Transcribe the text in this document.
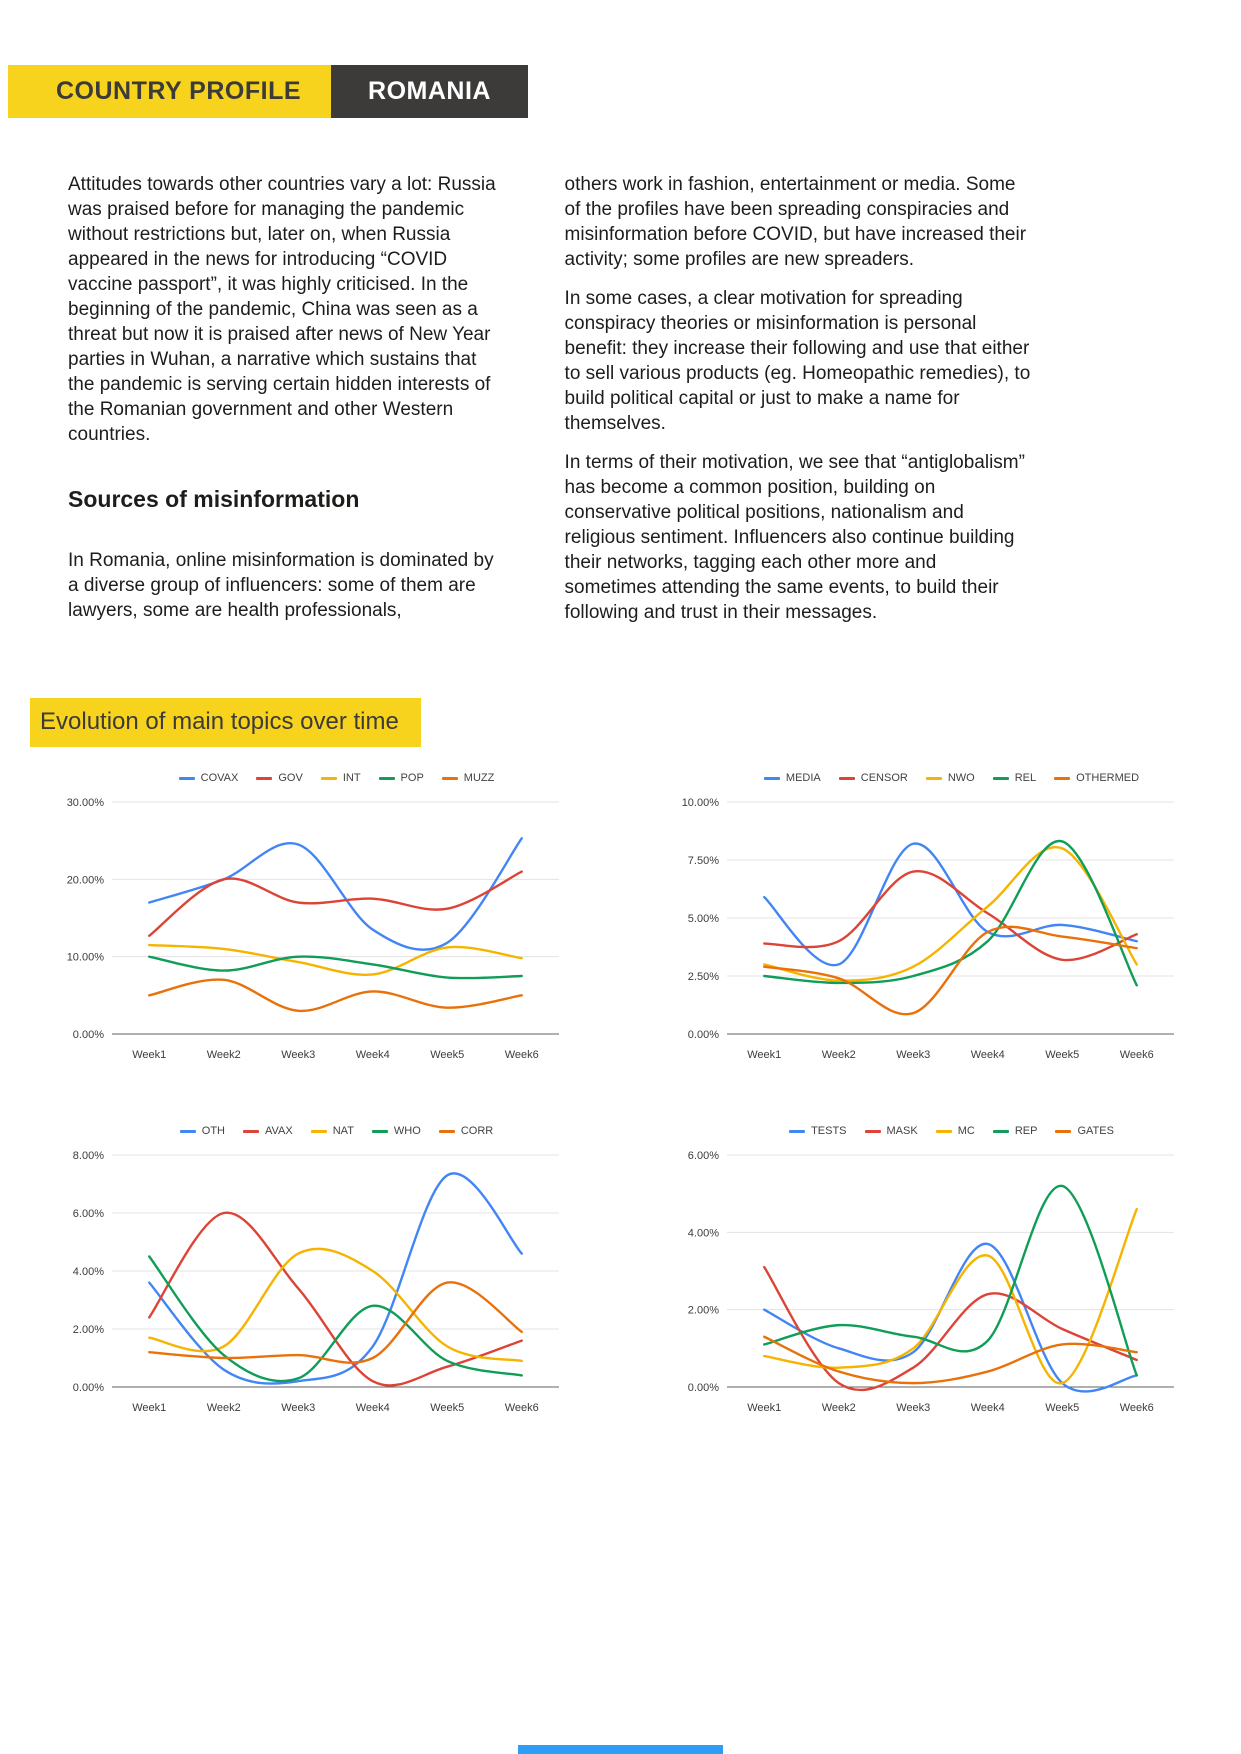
COUNTRY PROFILE	ROMANIA

Attitudes towards other countries vary a lot: Russia was praised before for managing the pandemic without restrictions but, later on, when Russia appeared in the news for introducing “COVID vaccine passport”, it was highly criticised. In the beginning of the pandemic, China was seen as a threat but now it is praised after news of New Year parties in Wuhan, a narrative which sustains that the pandemic is serving certain hidden interests of the Romanian government and other Western countries.

Sources of misinformation

In Romania, online misinformation is dominated by a diverse group of influencers: some of them are lawyers, some are health professionals,

others work in fashion, entertainment or media. Some of the profiles have been spreading conspiracies and misinformation before COVID, but have increased their activity; some profiles are new spreaders.

In some cases, a clear motivation for spreading conspiracy theories or misinformation is personal benefit: they increase their following and use that either to sell various products (eg. Homeopathic remedies), to build political capital or just to make a name for themselves.

In terms of their motivation, we see that “antiglobalism” has become a common position, building on conservative political positions, nationalism and religious sentiment. Influencers also continue building their networks, tagging each other more and sometimes attending the same events, to build their following and trust in their messages.

Evolution of main topics over time
COVAX	GOV	INT	POP	MUZZ
0.00%
10.00%
20.00%
30.00%
Week1	Week2	Week3	Week4	Week5	Week6
MEDIA	CENSOR	NWO	REL	OTHERMED
0.00%
2.50%
5.00%
7.50%
10.00%
Week1	Week2	Week3	Week4	Week5	Week6
OTH	AVAX	NAT	WHO	CORR
0.00%
2.00%
4.00%
6.00%
8.00%
Week1	Week2	Week3	Week4	Week5	Week6
TESTS	MASK	MC	REP	GATES
0.00%
2.00%
4.00%
6.00%
Week1	Week2	Week3	Week4	Week5	Week6
